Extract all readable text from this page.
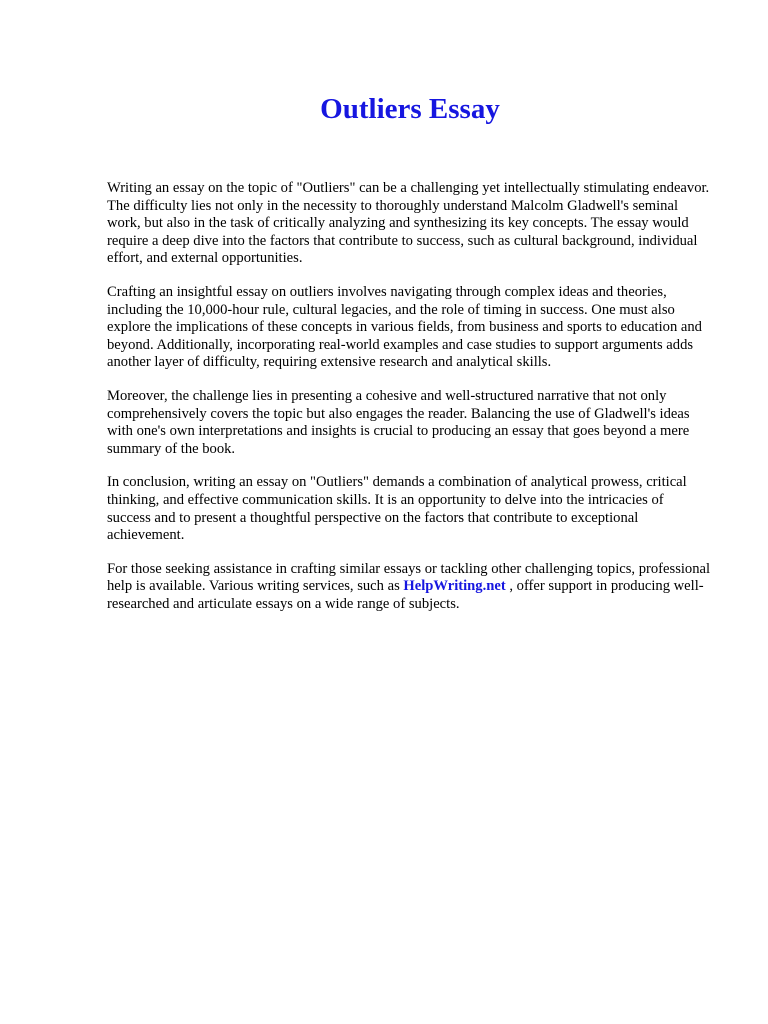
Outliers Essay

Writing an essay on the topic of "Outliers" can be a challenging yet intellectually stimulating endeavor. The difficulty lies not only in the necessity to thoroughly understand Malcolm Gladwell's seminal work, but also in the task of critically analyzing and synthesizing its key concepts. The essay would require a deep dive into the factors that contribute to success, such as cultural background, individual effort, and external opportunities.

Crafting an insightful essay on outliers involves navigating through complex ideas and theories, including the 10,000-hour rule, cultural legacies, and the role of timing in success. One must also explore the implications of these concepts in various fields, from business and sports to education and beyond. Additionally, incorporating real-world examples and case studies to support arguments adds another layer of difficulty, requiring extensive research and analytical skills.

Moreover, the challenge lies in presenting a cohesive and well-structured narrative that not only comprehensively covers the topic but also engages the reader. Balancing the use of Gladwell's ideas with one's own interpretations and insights is crucial to producing an essay that goes beyond a mere summary of the book.

In conclusion, writing an essay on "Outliers" demands a combination of analytical prowess, critical thinking, and effective communication skills. It is an opportunity to delve into the intricacies of success and to present a thoughtful perspective on the factors that contribute to exceptional achievement.

For those seeking assistance in crafting similar essays or tackling other challenging topics, professional help is available. Various writing services, such as HelpWriting.net , offer support in producing well-researched and articulate essays on a wide range of subjects.
